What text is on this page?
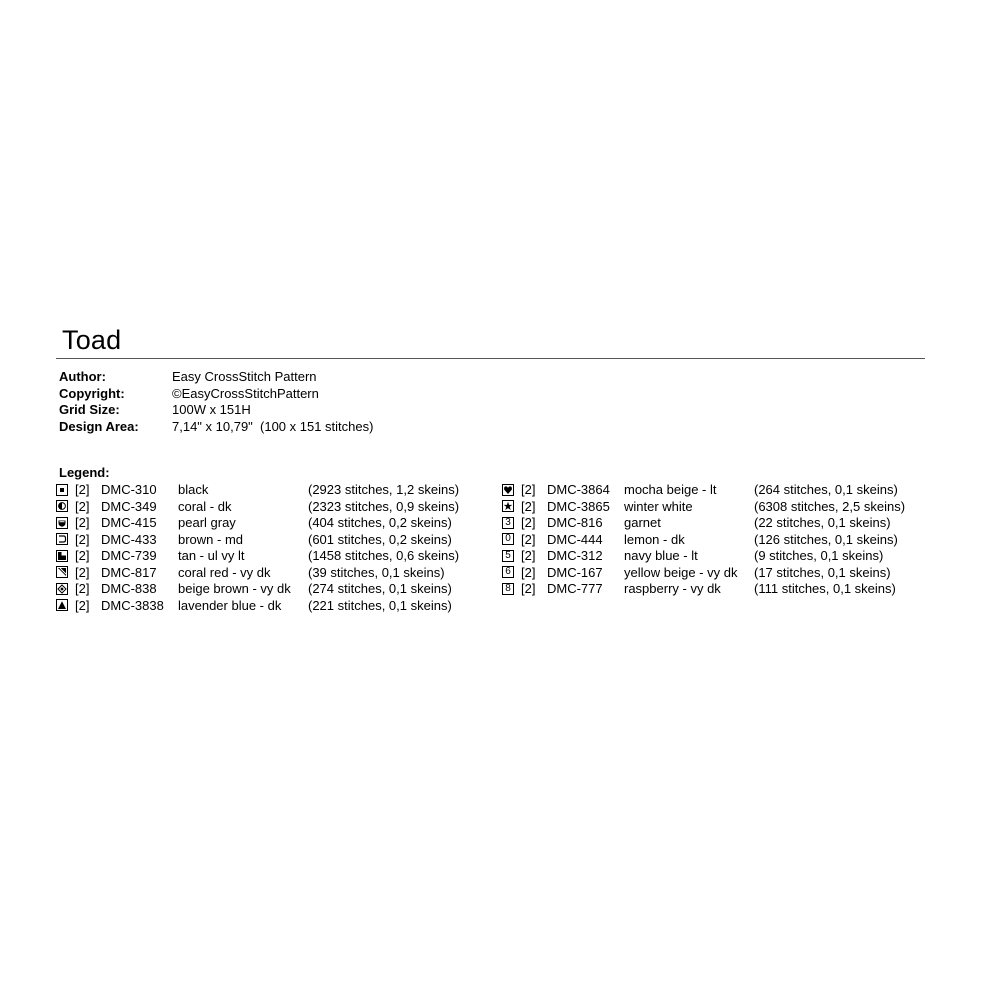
Toad
Author:	Easy CrossStitch Pattern
Copyright:	©EasyCrossStitchPattern
Grid Size:	100W x 151H
Design Area:	7,14" x 10,79"  (100 x 151 stitches)
Legend:
[2] DMC-310 black	(2923 stitches, 1,2 skeins)
[2] DMC-349 coral - dk	(2323 stitches, 0,9 skeins)
[2] DMC-415 pearl gray	(404 stitches, 0,2 skeins)
[2] DMC-433 brown - md	(601 stitches, 0,2 skeins)
[2] DMC-739 tan - ul vy lt	(1458 stitches, 0,6 skeins)
[2] DMC-817 coral red - vy dk	(39 stitches, 0,1 skeins)
[2] DMC-838 beige brown - vy dk (274 stitches, 0,1 skeins)
[2] DMC-3838 lavender blue - dk (221 stitches, 0,1 skeins)
[2] DMC-3864 mocha beige - lt	(264 stitches, 0,1 skeins)
[2] DMC-3865 winter white	(6308 stitches, 2,5 skeins)
3 [2] DMC-816 garnet	(22 stitches, 0,1 skeins)
0 [2] DMC-444 lemon - dk	(126 stitches, 0,1 skeins)
5 [2] DMC-312 navy blue - lt	(9 stitches, 0,1 skeins)
6 [2] DMC-167 yellow beige - vy dk (17 stitches, 0,1 skeins)
8 [2] DMC-777 raspberry - vy dk	(111 stitches, 0,1 skeins)
